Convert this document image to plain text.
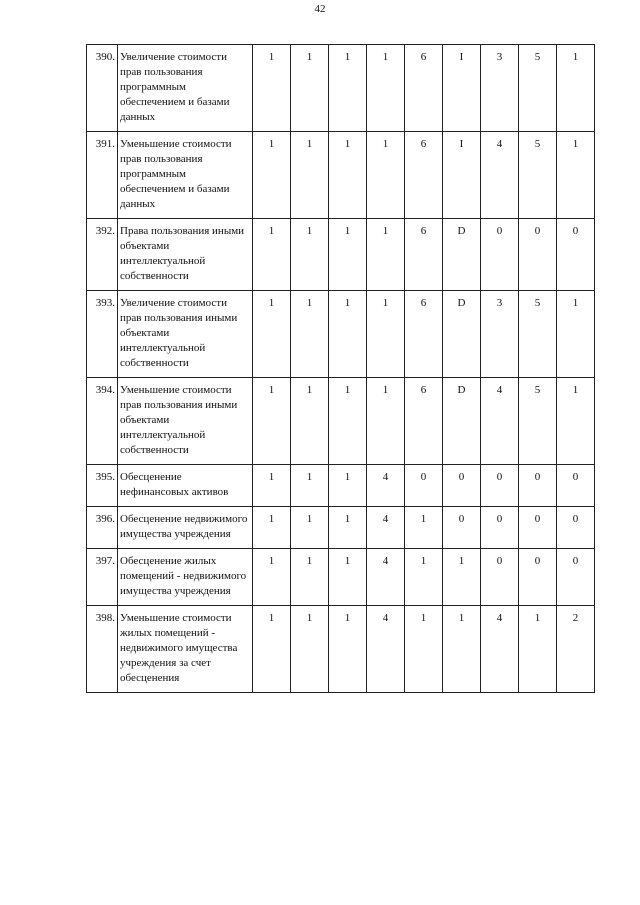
42
390.	Увеличение стоимости прав пользования программным обеспечением и базами данных	1	1	1	1	6	I	3	5	1
391.	Уменьшение стоимости прав пользования программным обеспечением и базами данных	1	1	1	1	6	I	4	5	1
392.	Права пользования иными объектами интеллектуальной собственности	1	1	1	1	6	D	0	0	0
393.	Увеличение стоимости прав пользования иными объектами интеллектуальной собственности	1	1	1	1	6	D	3	5	1
394.	Уменьшение стоимости прав пользования иными объектами интеллектуальной собственности	1	1	1	1	6	D	4	5	1
395.	Обесценение нефинансовых активов	1	1	1	4	0	0	0	0	0
396.	Обесценение недвижимого имущества учреждения	1	1	1	4	1	0	0	0	0
397.	Обесценение жилых помещений - недвижимого имущества учреждения	1	1	1	4	1	1	0	0	0
398.	Уменьшение стоимости жилых помещений - недвижимого имущества учреждения за счет обесценения	1	1	1	4	1	1	4	1	2
